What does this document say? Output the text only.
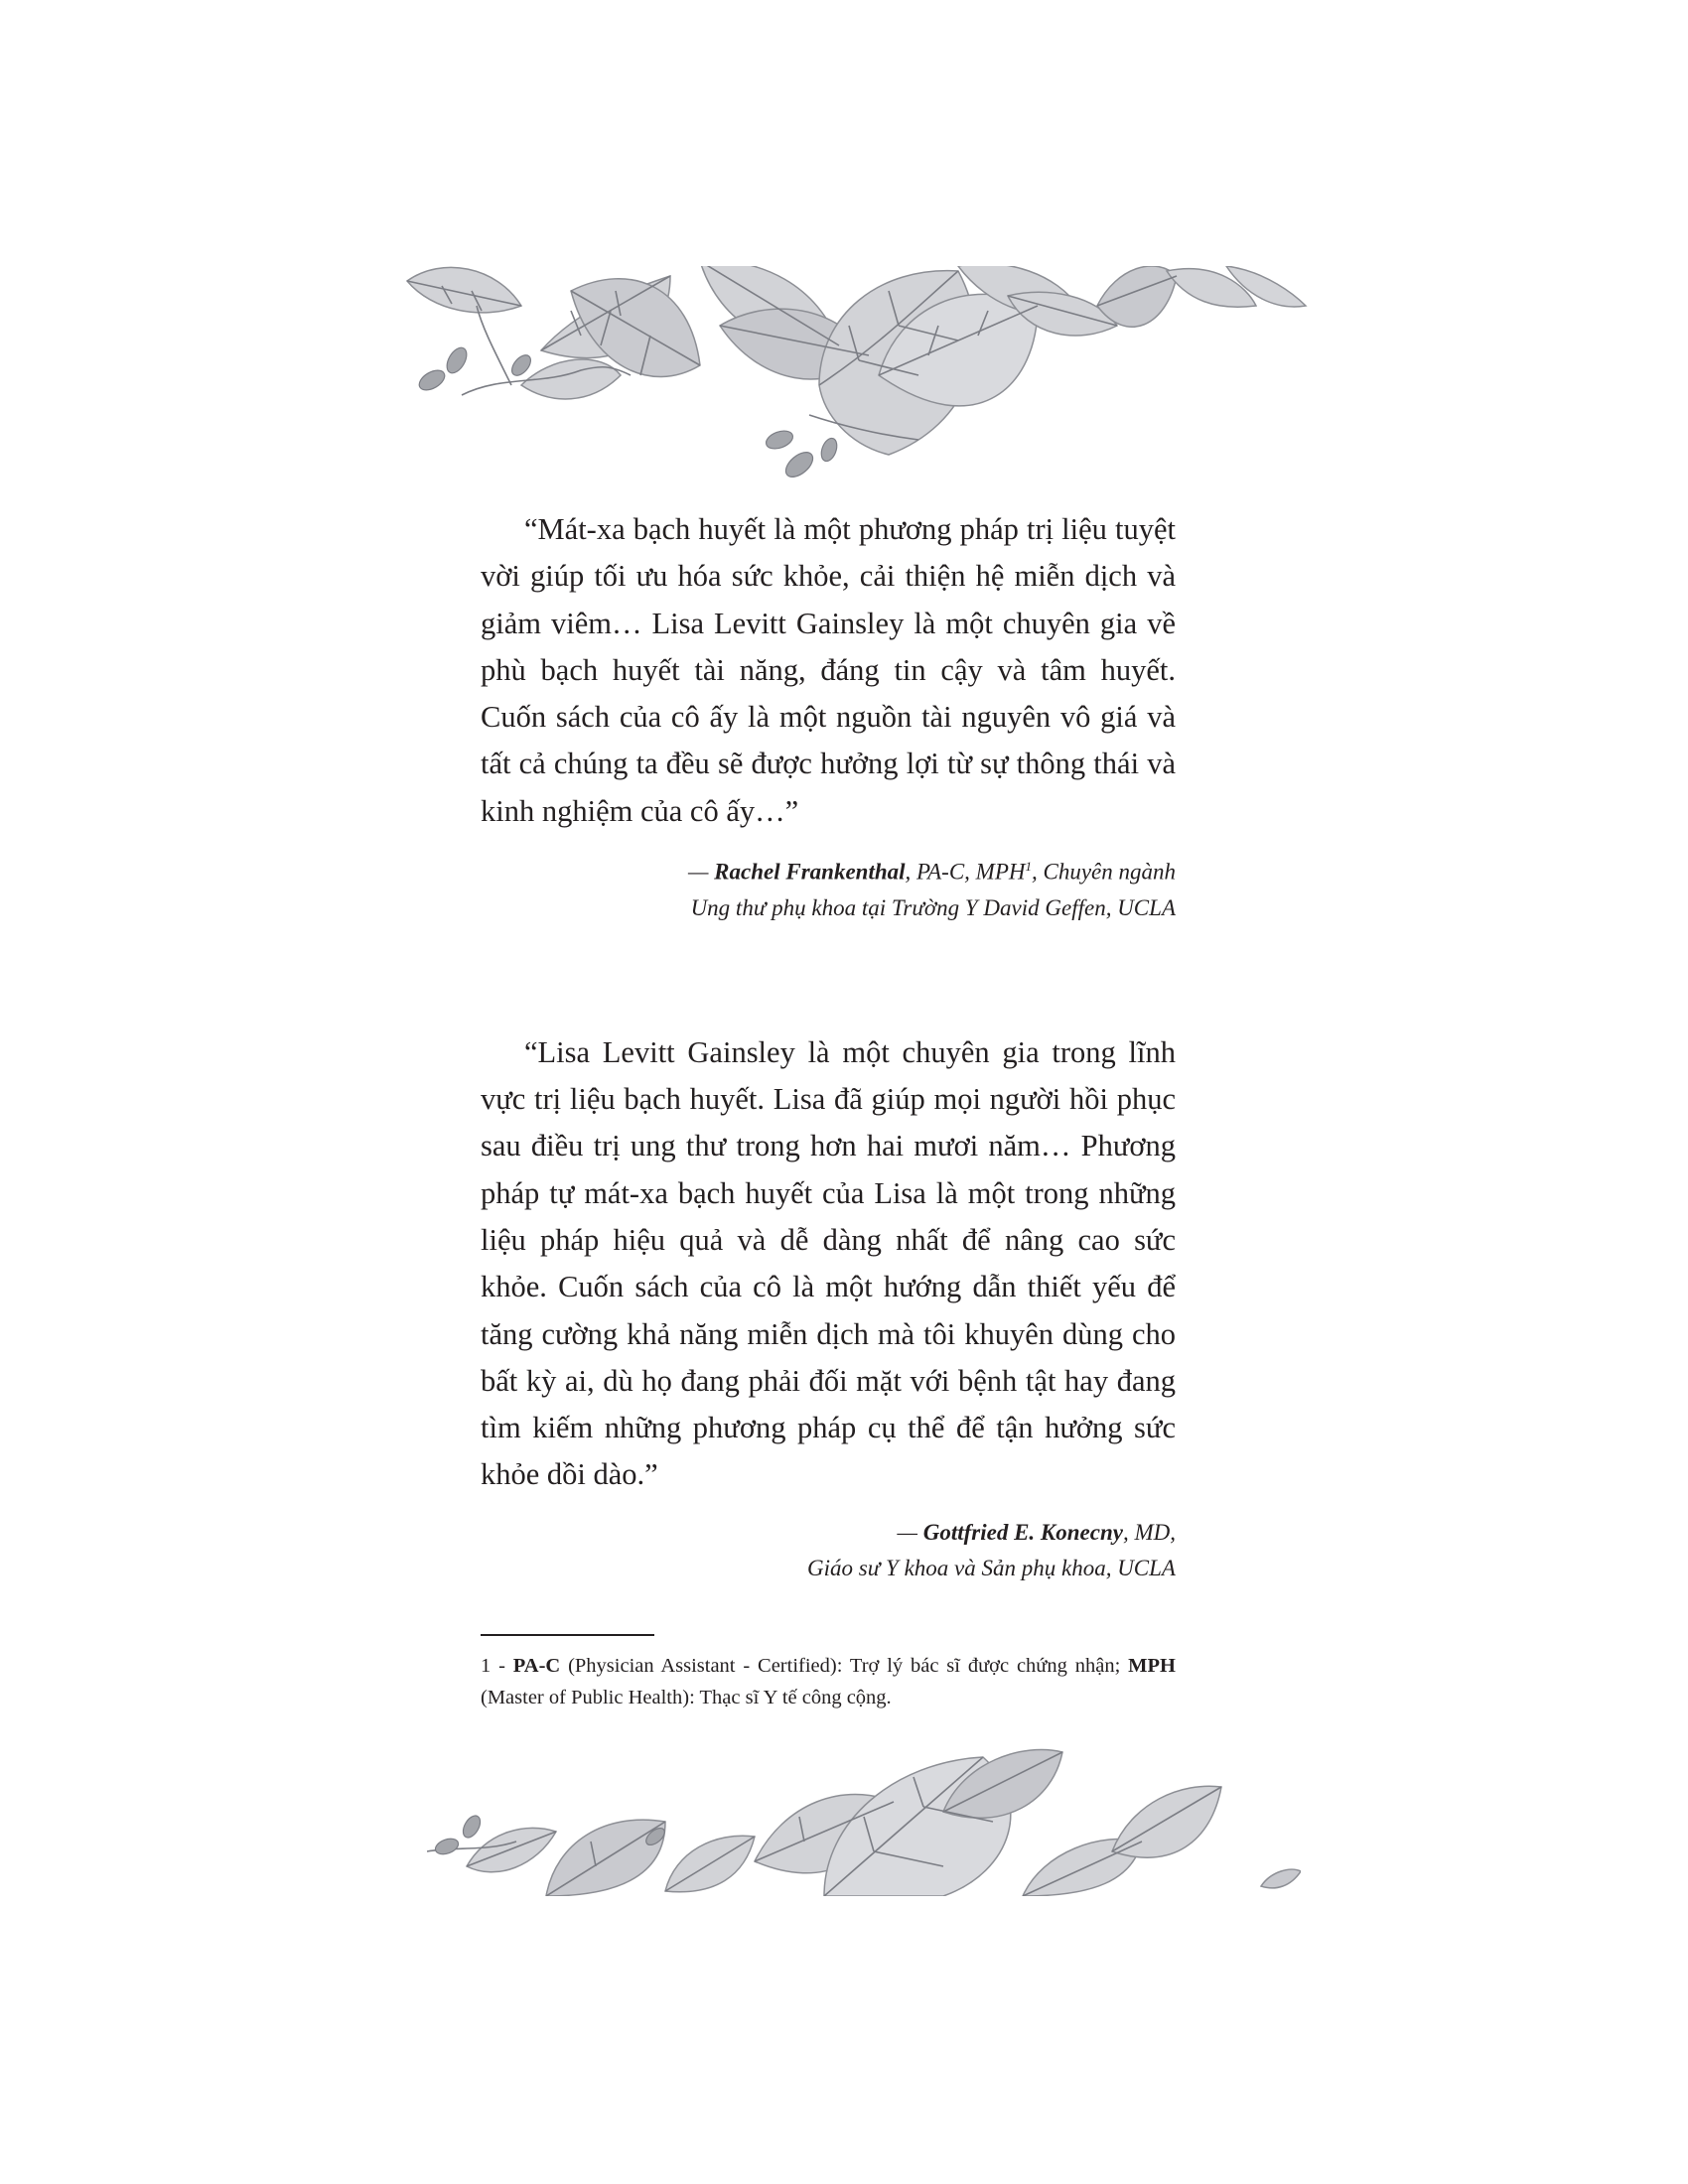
“Mát-xa bạch huyết là một phương pháp trị liệu tuyệt vời giúp tối ưu hóa sức khỏe, cải thiện hệ miễn dịch và giảm viêm… Lisa Levitt Gainsley là một chuyên gia về phù bạch huyết tài năng, đáng tin cậy và tâm huyết. Cuốn sách của cô ấy là một nguồn tài nguyên vô giá và tất cả chúng ta đều sẽ được hưởng lợi từ sự thông thái và kinh nghiệm của cô ấy…”

— Rachel Frankenthal, PA-C, MPH$^1$, Chuyên ngành
Ung thư phụ khoa tại Trường Y David Geffen, UCLA

“Lisa Levitt Gainsley là một chuyên gia trong lĩnh vực trị liệu bạch huyết. Lisa đã giúp mọi người hồi phục sau điều trị ung thư trong hơn hai mươi năm… Phương pháp tự mát-xa bạch huyết của Lisa là một trong những liệu pháp hiệu quả và dễ dàng nhất để nâng cao sức khỏe. Cuốn sách của cô là một hướng dẫn thiết yếu để tăng cường khả năng miễn dịch mà tôi khuyên dùng cho bất kỳ ai, dù họ đang phải đối mặt với bệnh tật hay đang tìm kiếm những phương pháp cụ thể để tận hưởng sức khỏe dồi dào.”

— Gottfried E. Konecny, MD,
Giáo sư Y khoa và Sản phụ khoa, UCLA
1 - PA-C (Physician Assistant - Certified): Trợ lý bác sĩ được chứng nhận; MPH (Master of Public Health): Thạc sĩ Y tế công cộng.
